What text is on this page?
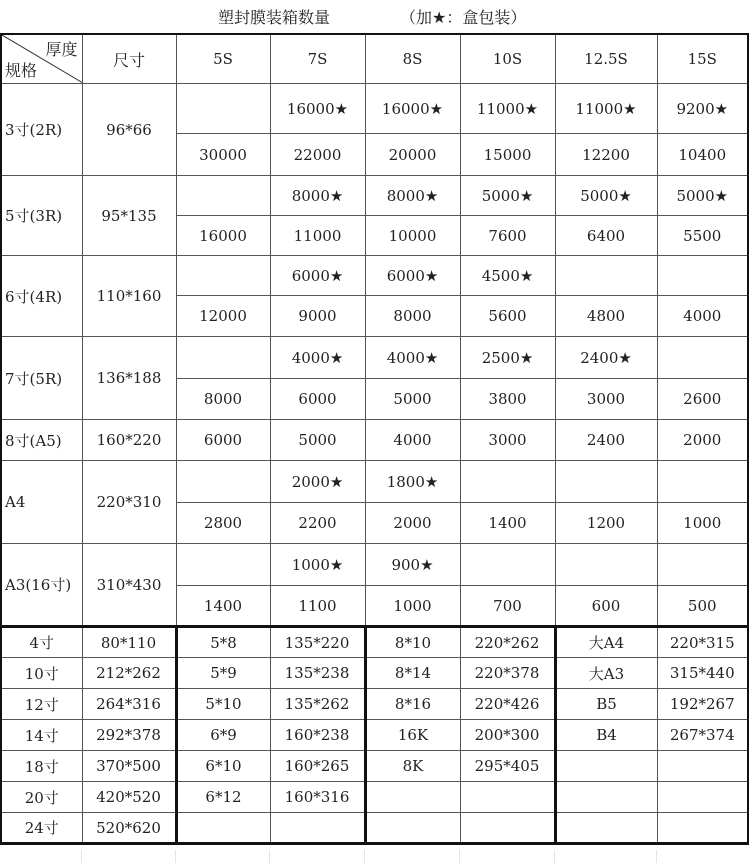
塑封膜装箱数量	（加★：盒包装）
厚度
规格	尺寸	5S	7S	8S	10S	12.5S	15S
3寸(2R)	96*66		16000★	16000★	11000★	11000★	9200★
		30000	22000	20000	15000	12200	10400
5寸(3R)	95*135		8000★	8000★	5000★	5000★	5000★
		16000	11000	10000	7600	6400	5500
6寸(4R)	110*160		6000★	6000★	4500★		
		12000	9000	8000	5600	4800	4000
7寸(5R)	136*188		4000★	4000★	2500★	2400★	
		8000	6000	5000	3800	3000	2600
8寸(A5)	160*220	6000	5000	4000	3000	2400	2000
A4	220*310		2000★	1800★			
		2800	2200	2000	1400	1200	1000
A3(16寸)	310*430		1000★	900★			
		1400	1100	1000	700	600	500
4寸	80*110	5*8	135*220	8*10	220*262	大A4	220*315
10寸	212*262	5*9	135*238	8*14	220*378	大A3	315*440
12寸	264*316	5*10	135*262	8*16	220*426	B5	192*267
14寸	292*378	6*9	160*238	16K	200*300	B4	267*374
18寸	370*500	6*10	160*265	8K	295*405		
20寸	420*520	6*12	160*316				
24寸	520*620						
